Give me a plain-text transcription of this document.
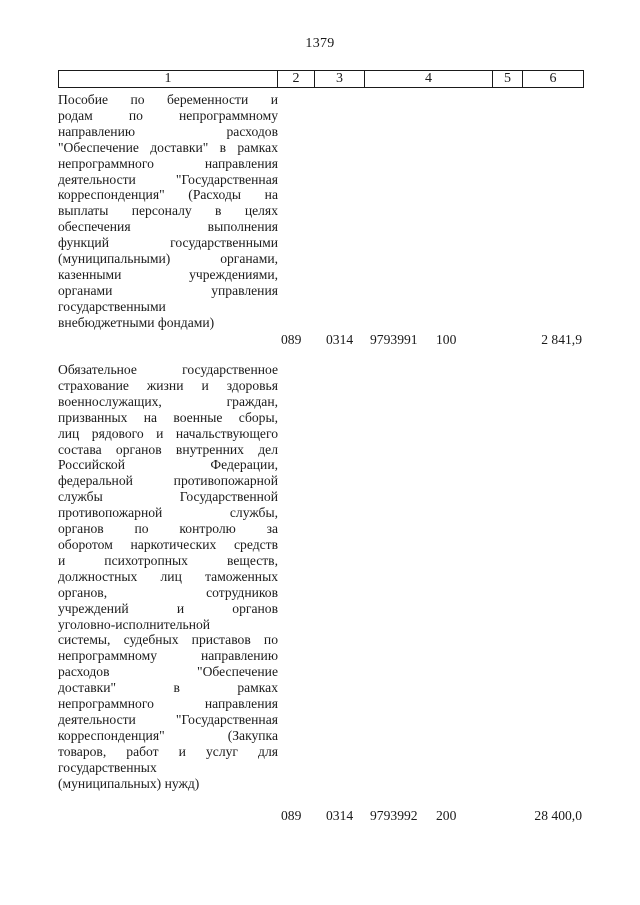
1379
1	2	3	4	5	6
Пособие по беременности и
родам по непрограммному
направлению расходов
"Обеспечение доставки" в рамках
непрограммного направления
деятельности "Государственная
корреспонденция" (Расходы на
выплаты персоналу в целях
обеспечения выполнения
функций государственными
(муниципальными) органами,
казенными учреждениями,
органами управления
государственными
внебюджетными фондами)
089 0314 9793991 100	2 841,9
Обязательное государственное
страхование жизни и здоровья
военнослужащих, граждан,
призванных на военные сборы,
лиц рядового и начальствующего
состава органов внутренних дел
Российской Федерации,
федеральной противопожарной
службы Государственной
противопожарной службы,
органов по контролю за
оборотом наркотических средств
и психотропных веществ,
должностных лиц таможенных
органов, сотрудников
учреждений и органов
уголовно-исполнительной
системы, судебных приставов по
непрограммному направлению
расходов "Обеспечение
доставки" в рамках
непрограммного направления
деятельности "Государственная
корреспонденция" (Закупка
товаров, работ и услуг для
государственных
(муниципальных) нужд)
089 0314 9793992 200	28 400,0
